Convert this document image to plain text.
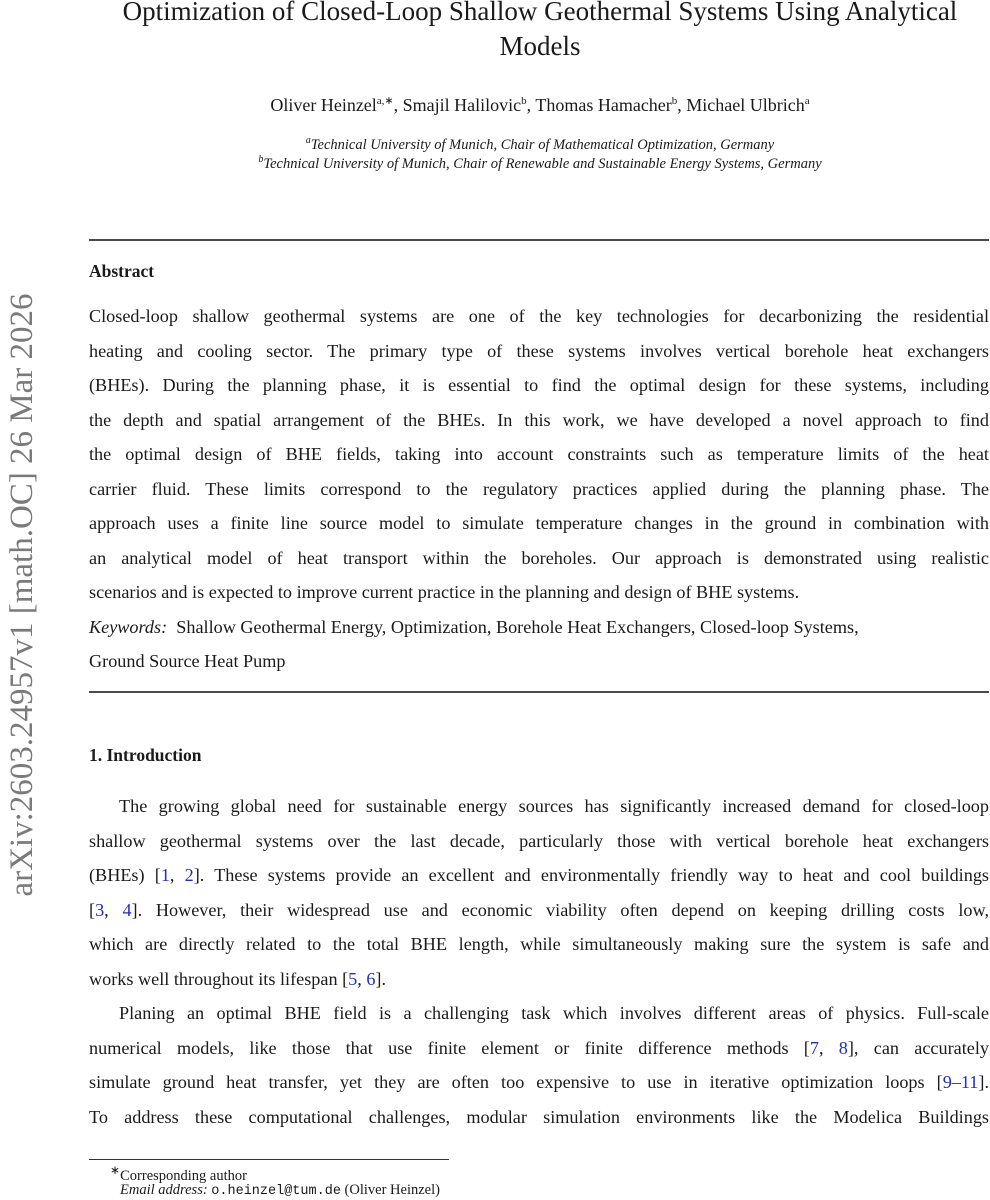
arXiv:2603.24957v1 [math.OC] 26 Mar 2026
Optimization of Closed-Loop Shallow Geothermal Systems Using Analytical
Models
Oliver Heinzel$^{a,∗}$, Smajil Halilovic$^b$, Thomas Hamacher$^b$, Michael Ulbrich$^a$
$^a$Technical University of Munich, Chair of Mathematical Optimization, Germany
$^b$Technical University of Munich, Chair of Renewable and Sustainable Energy Systems, Germany
Abstract
Closed-loop shallow geothermal systems are one of the key technologies for decarbonizing the residential
heating and cooling sector. The primary type of these systems involves vertical borehole heat exchangers
(BHEs). During the planning phase, it is essential to find the optimal design for these systems, including
the depth and spatial arrangement of the BHEs. In this work, we have developed a novel approach to find
the optimal design of BHE fields, taking into account constraints such as temperature limits of the heat
carrier fluid. These limits correspond to the regulatory practices applied during the planning phase. The
approach uses a finite line source model to simulate temperature changes in the ground in combination with
an analytical model of heat transport within the boreholes. Our approach is demonstrated using realistic
scenarios and is expected to improve current practice in the planning and design of BHE systems.
Keywords: Shallow Geothermal Energy, Optimization, Borehole Heat Exchangers, Closed-loop Systems,
Ground Source Heat Pump
1. Introduction
The growing global need for sustainable energy sources has significantly increased demand for closed-loop
shallow geothermal systems over the last decade, particularly those with vertical borehole heat exchangers
(BHEs) [1, 2]. These systems provide an excellent and environmentally friendly way to heat and cool buildings
[3, 4]. However, their widespread use and economic viability often depend on keeping drilling costs low,
which are directly related to the total BHE length, while simultaneously making sure the system is safe and
works well throughout its lifespan [5, 6].
Planing an optimal BHE field is a challenging task which involves different areas of physics. Full-scale
numerical models, like those that use finite element or finite difference methods [7, 8], can accurately
simulate ground heat transfer, yet they are often too expensive to use in iterative optimization loops [9–11].
To address these computational challenges, modular simulation environments like the Modelica Buildings
∗Corresponding author
Email address: o.heinzel@tum.de (Oliver Heinzel)
